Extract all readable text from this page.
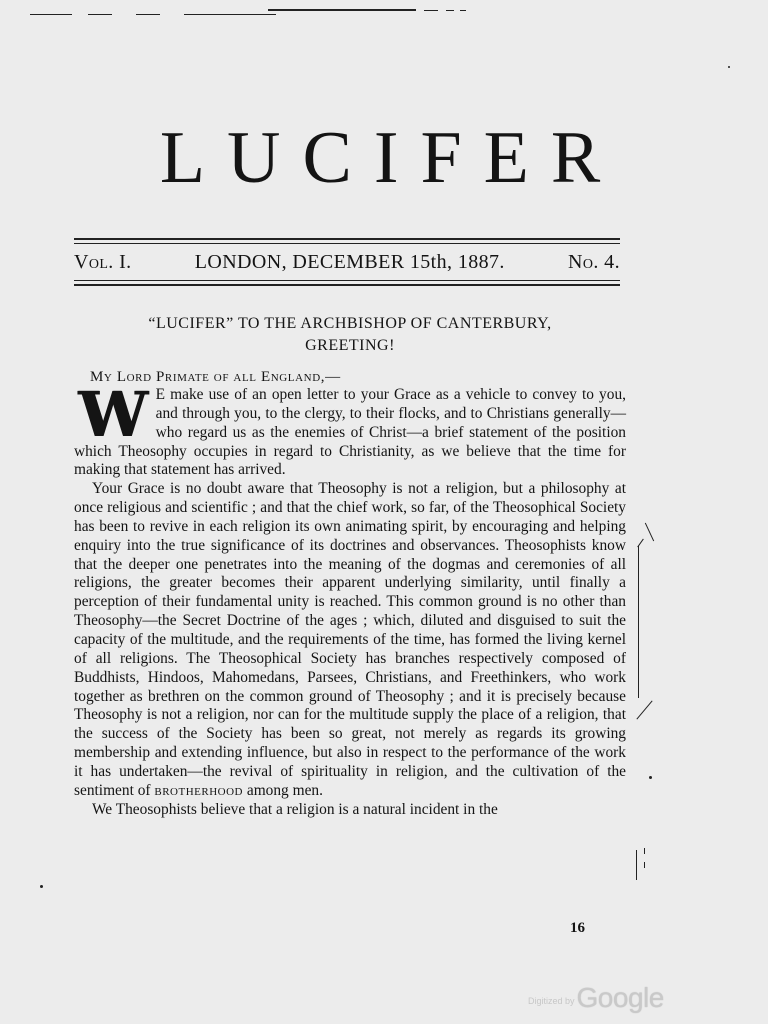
LUCIFER
Vol. I.	LONDON, DECEMBER 15th, 1887.	No. 4.
“LUCIFER” TO THE ARCHBISHOP OF CANTERBURY,
GREETING!
My Lord Primate of all England,—

W E make use of an open letter to your Grace as a vehicle to convey to you, and through you, to the clergy, to their flocks, and to Christians generally—who regard us as the enemies of Christ—a brief statement of the position which Theosophy occupies in regard to Christianity, as we believe that the time for making that statement has arrived.

Your Grace is no doubt aware that Theosophy is not a religion, but a philosophy at once religious and scientific ; and that the chief work, so far, of the Theosophical Society has been to revive in each religion its own animating spirit, by encouraging and helping enquiry into the true significance of its doctrines and observances. Theosophists know that the deeper one penetrates into the meaning of the dogmas and ceremonies of all religions, the greater becomes their apparent underlying similarity, until finally a perception of their fundamental unity is reached. This common ground is no other than Theosophy—the Secret Doctrine of the ages ; which, diluted and disguised to suit the capacity of the multitude, and the requirements of the time, has formed the living kernel of all religions. The Theosophical Society has branches respectively composed of Buddhists, Hindoos, Mahomedans, Parsees, Christians, and Freethinkers, who work together as brethren on the common ground of Theosophy ; and it is precisely because Theosophy is not a religion, nor can for the multitude supply the place of a religion, that the success of the Society has been so great, not merely as regards its growing membership and extending influence, but also in respect to the performance of the work it has undertaken—the revival of spirituality in religion, and the cultivation of the sentiment of brotherhood among men.

We Theosophists believe that a religion is a natural incident in the

16
Digitized byGoogle
